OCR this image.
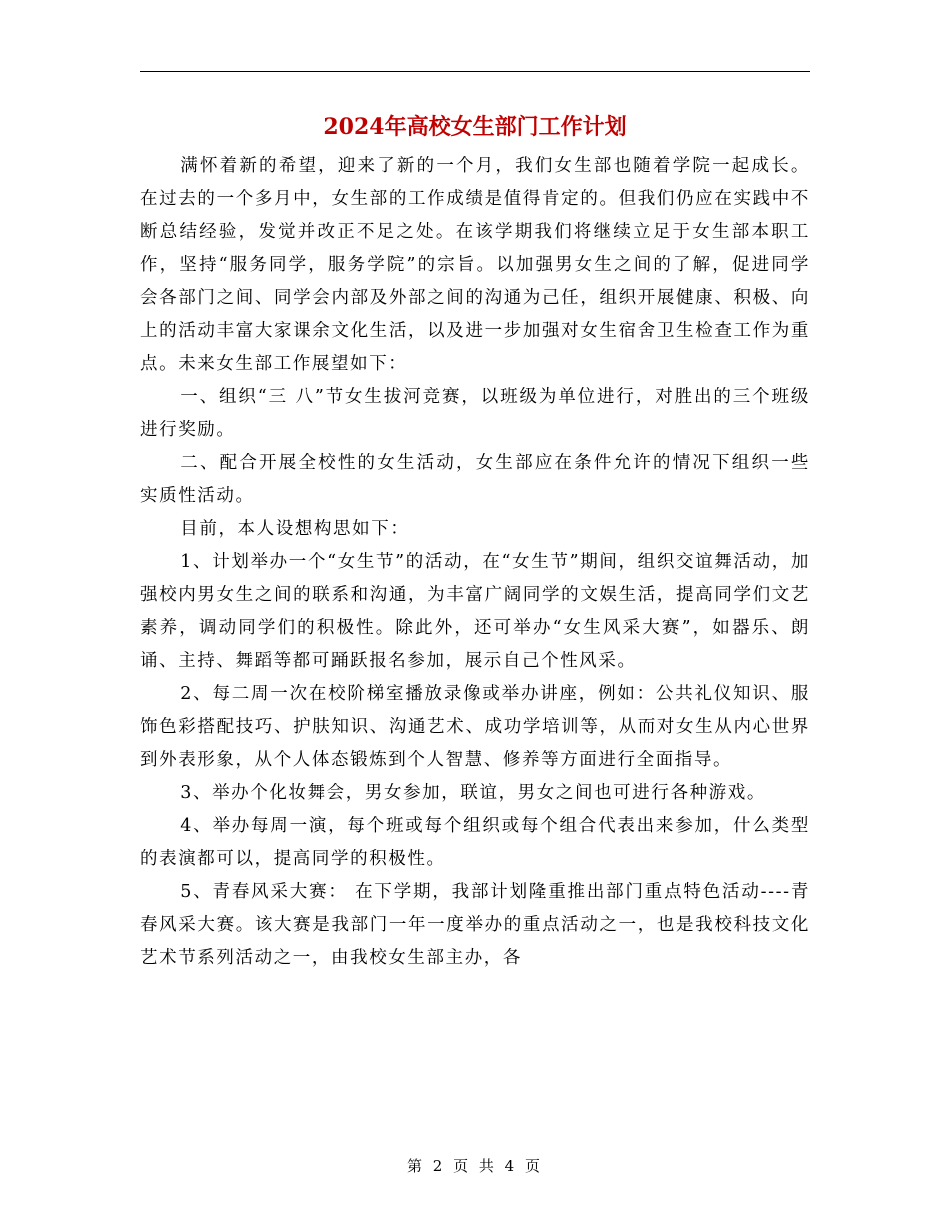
2024年高校女生部门工作计划

满怀着新的希望，迎来了新的一个月，我们女生部也随着学院一起成长。在过去的一个多月中，女生部的工作成绩是值得肯定的。但我们仍应在实践中不断总结经验，发觉并改正不足之处。在该学期我们将继续立足于女生部本职工作，坚持“服务同学，服务学院”的宗旨。以加强男女生之间的了解，促进同学会各部门之间、同学会内部及外部之间的沟通为己任，组织开展健康、积极、向上的活动丰富大家课余文化生活，以及进一步加强对女生宿舍卫生检查工作为重点。未来女生部工作展望如下：

一、组织“三 八”节女生拔河竞赛，以班级为单位进行，对胜出的三个班级进行奖励。

二、配合开展全校性的女生活动，女生部应在条件允许的情况下组织一些实质性活动。

目前，本人设想构思如下：

1、计划举办一个“女生节”的活动，在“女生节”期间，组织交谊舞活动，加强校内男女生之间的联系和沟通，为丰富广阔同学的文娱生活，提高同学们文艺素养，调动同学们的积极性。除此外，还可举办“女生风采大赛”，如器乐、朗诵、主持、舞蹈等都可踊跃报名参加，展示自己个性风采。

2、每二周一次在校阶梯室播放录像或举办讲座，例如：公共礼仪知识、服饰色彩搭配技巧、护肤知识、沟通艺术、成功学培训等，从而对女生从内心世界到外表形象，从个人体态锻炼到个人智慧、修养等方面进行全面指导。

3、举办个化妆舞会，男女参加，联谊，男女之间也可进行各种游戏。

4、举办每周一演，每个班或每个组织或每个组合代表出来参加，什么类型的表演都可以，提高同学的积极性。

5、青春风采大赛： 在下学期，我部计划隆重推出部门重点特色活动----青春风采大赛。该大赛是我部门一年一度举办的重点活动之一，也是我校科技文化艺术节系列活动之一，由我校女生部主办，各

第 2 页 共 4 页
